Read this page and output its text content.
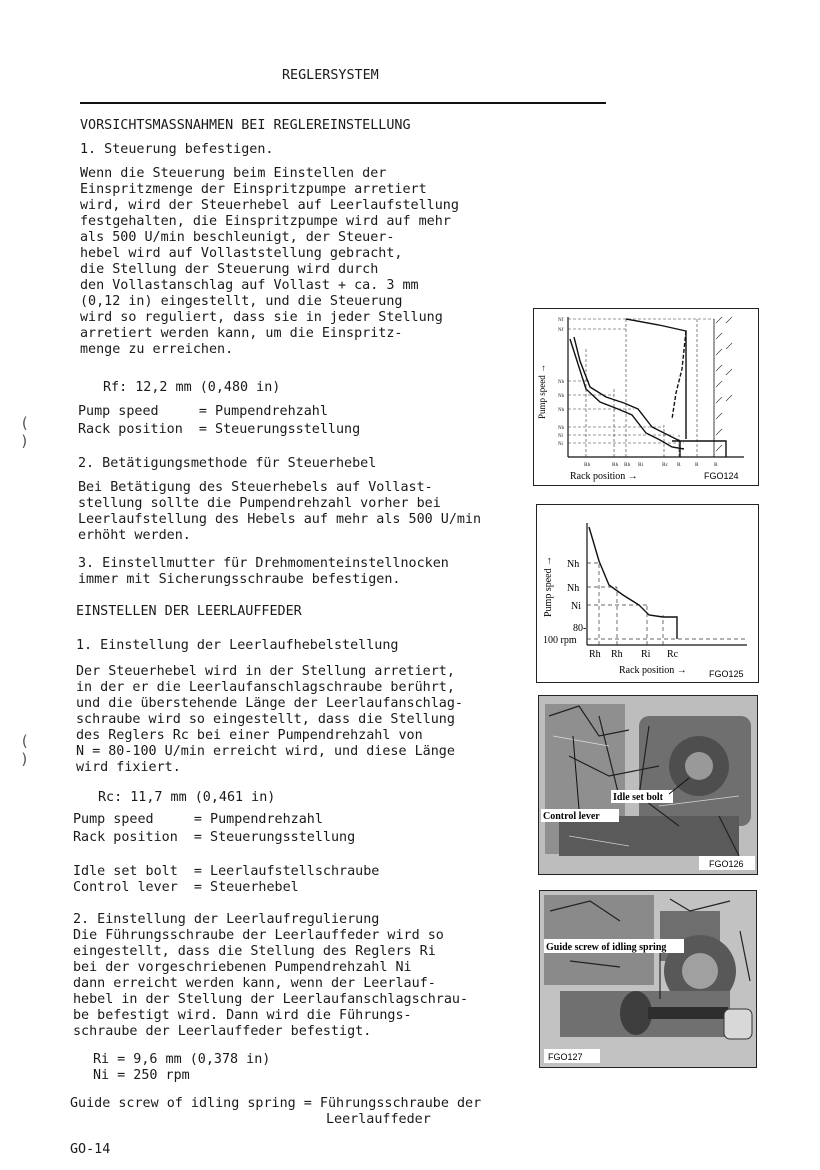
REGLERSYSTEM
VORSICHTSMASSNAHMEN BEI REGLEREINSTELLUNG
1. Steuerung befestigen.
Wenn die Steuerung beim Einstellen der
Einspritzmenge der Einspritzpumpe arretiert
wird, wird der Steuerhebel auf Leerlaufstellung
festgehalten, die Einspritzpumpe wird auf mehr
als 500 U/min beschleunigt, der Steuer-
hebel wird auf Vollaststellung gebracht,
die Stellung der Steuerung wird durch
den Vollastanschlag auf Vollast + ca. 3 mm
(0,12 in) eingestellt, und die Steuerung
wird so reguliert, dass sie in jeder Stellung
arretiert werden kann, um die Einspritz-
menge zu erreichen.
Rf: 12,2 mm (0,480 in)
Pump speed     = Pumpendrehzahl
Rack position  = Steuerungsstellung
2. Betätigungsmethode für Steuerhebel
Bei Betätigung des Steuerhebels auf Vollast-
stellung sollte die Pumpendrehzahl vorher bei
Leerlaufstellung des Hebels auf mehr als 500 U/min
erhöht werden.
3. Einstellmutter für Drehmomenteinstellnocken
immer mit Sicherungsschraube befestigen.
EINSTELLEN DER LEERLAUFFEDER
1. Einstellung der Leerlaufhebelstellung
Der Steuerhebel wird in der Stellung arretiert,
in der er die Leerlaufanschlagschraube berührt,
und die überstehende Länge der Leerlaufanschlag-
schraube wird so eingestellt, dass die Stellung
des Reglers Rc bei einer Pumpendrehzahl von
N = 80-100 U/min erreicht wird, und diese Länge
wird fixiert.
Rc: 11,7 mm (0,461 in)
Pump speed     = Pumpendrehzahl
Rack position  = Steuerungsstellung
Idle set bolt  = Leerlaufstellschraube
Control lever  = Steuerhebel
2. Einstellung der Leerlaufregulierung
Die Führungsschraube der Leerlauffeder wird so
eingestellt, dass die Stellung des Reglers Ri
bei der vorgeschriebenen Pumpendrehzahl Ni
dann erreicht werden kann, wenn der Leerlauf-
hebel in der Stellung der Leerlaufanschlagschrau-
be befestigt wird. Dann wird die Führungs-
schraube der Leerlauffeder befestigt.
Ri = 9,6 mm (0,378 in)
Ni = 250 rpm
Guide screw of idling spring = Führungsschraube der
Leerlauffeder
( )
( )
Pump speed →
Nf
Nf
Nh
Nh
Nh
Nh
Nl
Ni
Rh	Rh Rh Ri	Rc R	R	R
Rack position →	FGO124
Pump speed → Nh
Nh
Ni
80-
100 rpm
Rh Rh Ri Rc
Rack position → FGO125
Idle set bolt
Control lever
FGO126
Guide screw of idling spring
FGO127
GO-14
